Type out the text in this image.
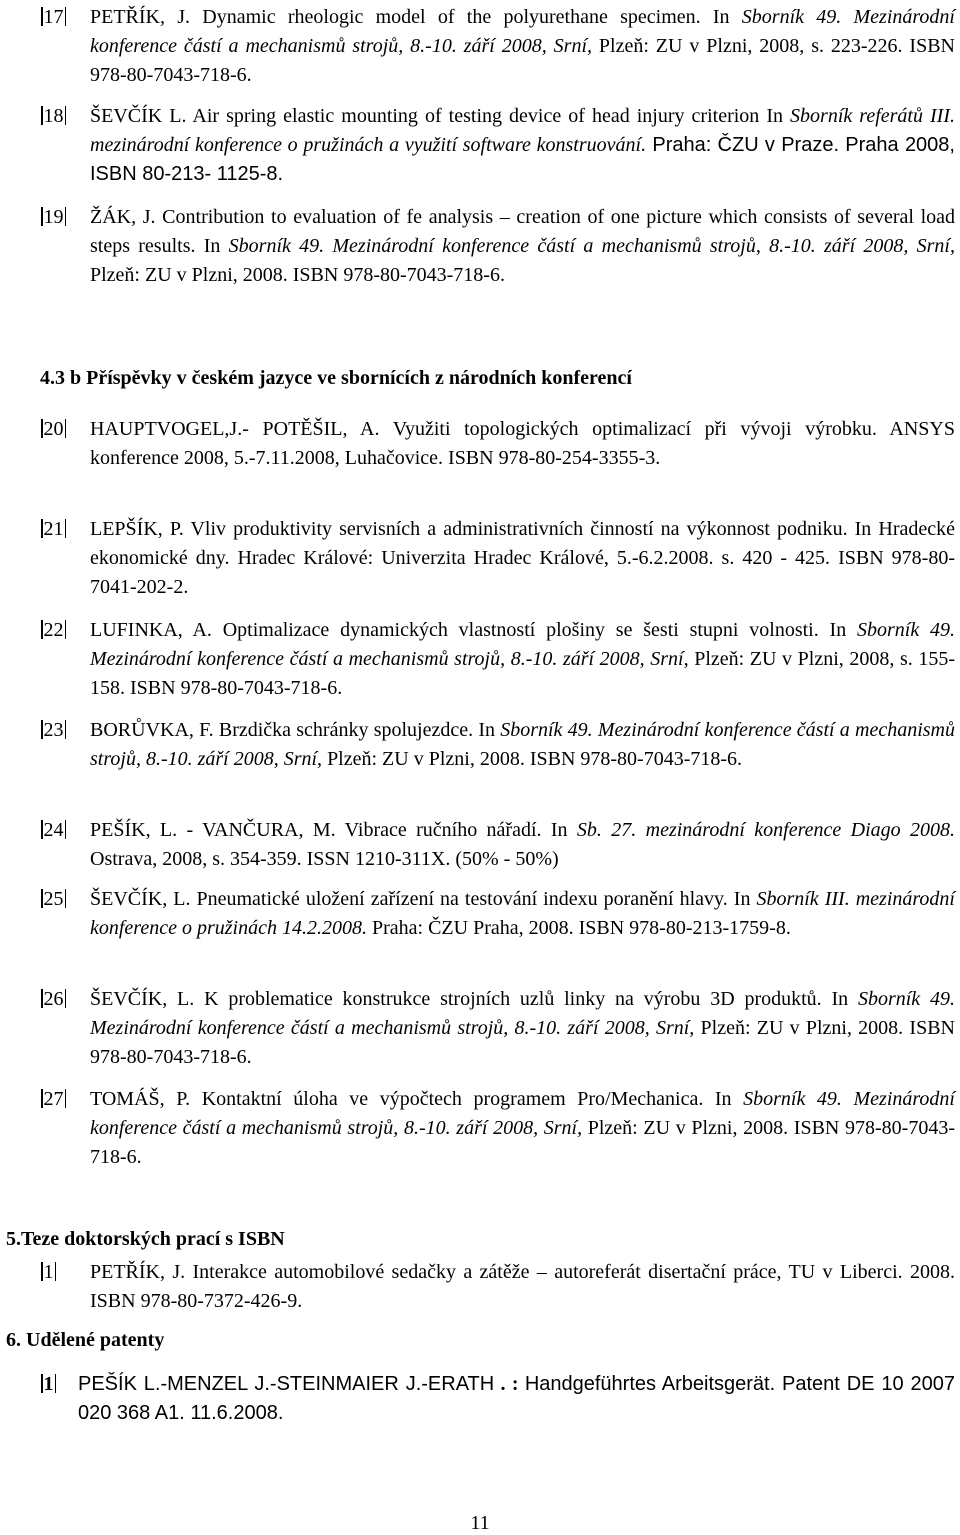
17	PETŘÍK, J. Dynamic rheologic model of the polyurethane specimen. In Sborník 49. Mezinárodní konference částí a mechanismů strojů, 8.-10. září 2008, Srní, Plzeň: ZU v Plzni, 2008, s. 223-226. ISBN 978-80-7043-718-6.
18	ŠEVČÍK L. Air spring elastic mounting of testing device of head injury criterion In Sborník referátů III. mezinárodní konference o pružinách a využití software konstruování. Praha: ČZU v Praze. Praha 2008, ISBN 80-213- 1125-8.
19	ŽÁK, J. Contribution to evaluation of fe analysis – creation of one picture which consists of several load steps results. In Sborník 49. Mezinárodní konference částí a mechanismů strojů, 8.-10. září 2008, Srní, Plzeň: ZU v Plzni, 2008. ISBN 978-80-7043-718-6.
4.3 b Příspěvky v českém jazyce ve sbornících z národních konferencí
20	HAUPTVOGEL,J.- POTĚŠIL, A. Využiti topologických optimalizací při vývoji výrobku. ANSYS konference 2008, 5.-7.11.2008, Luhačovice. ISBN 978-80-254-3355-3.
21	LEPŠÍK, P. Vliv produktivity servisních a administrativních činností na výkonnost podniku. In Hradecké ekonomické dny. Hradec Králové: Univerzita Hradec Králové, 5.-6.2.2008. s. 420 - 425. ISBN 978-80-7041-202-2.
22	LUFINKA, A. Optimalizace dynamických vlastností plošiny se šesti stupni volnosti. In Sborník 49. Mezinárodní konference částí a mechanismů strojů, 8.-10. září 2008, Srní, Plzeň: ZU v Plzni, 2008, s. 155-158. ISBN 978-80-7043-718-6.
23	BORŮVKA, F. Brzdička schránky spolujezdce. In Sborník 49. Mezinárodní konference částí a mechanismů strojů, 8.-10. září 2008, Srní, Plzeň: ZU v Plzni, 2008. ISBN 978-80-7043-718-6.
24	PEŠÍK, L. - VANČURA, M. Vibrace ručního nářadí. In Sb. 27. mezinárodní konference Diago 2008. Ostrava, 2008, s. 354-359. ISSN 1210-311X. (50% - 50%)
25	ŠEVČÍK, L. Pneumatické uložení zařízení na testování indexu poranění hlavy. In Sborník III. mezinárodní konference o pružinách 14.2.2008. Praha: ČZU Praha, 2008. ISBN 978-80-213-1759-8.
26	ŠEVČÍK, L. K problematice konstrukce strojních uzlů linky na výrobu 3D produktů. In Sborník 49. Mezinárodní konference částí a mechanismů strojů, 8.-10. září 2008, Srní, Plzeň: ZU v Plzni, 2008. ISBN 978-80-7043-718-6.
27	TOMÁŠ, P. Kontaktní úloha ve výpočtech programem Pro/Mechanica. In Sborník 49. Mezinárodní konference částí a mechanismů strojů, 8.-10. září 2008, Srní, Plzeň: ZU v Plzni, 2008. ISBN 978-80-7043-718-6.
5.Teze doktorských prací s ISBN
1	PETŘÍK, J. Interakce automobilové sedačky a zátěže – autoreferát disertační práce, TU v Liberci. 2008. ISBN 978-80-7372-426-9.
6. Udělené patenty
1	PEŠÍK L.-MENZEL J.-STEINMAIER J.-ERATH . : Handgeführtes Arbeitsgerät. Patent DE 10 2007 020 368 A1. 11.6.2008.
11
